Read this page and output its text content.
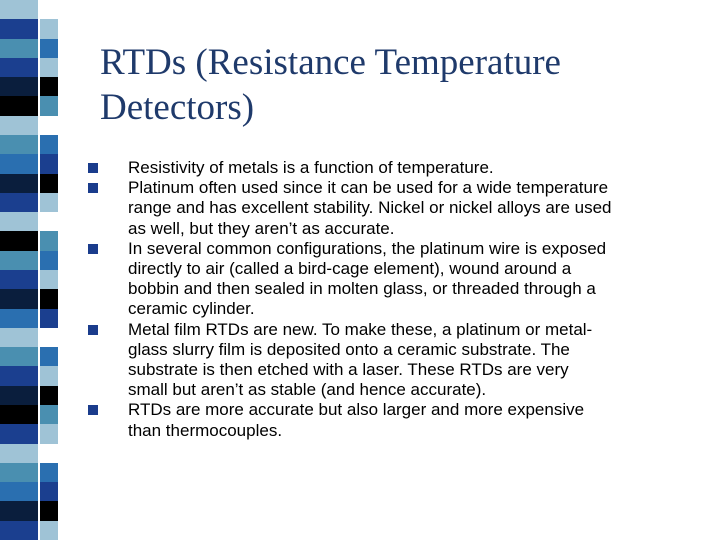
RTDs (Resistance Temperature
Detectors)
Resistivity of metals is a function of temperature.
Platinum often used since it can be used for a wide temperature
range and has excellent stability. Nickel or nickel alloys are used
as well, but they aren’t as accurate.
In several common configurations, the platinum wire is exposed
directly to air (called a bird-cage element), wound around a
bobbin and then sealed in molten glass, or threaded through a
ceramic cylinder.
Metal film RTDs are new. To make these, a platinum or metal-
glass slurry film is deposited onto a ceramic substrate. The
substrate is then etched with a laser. These RTDs are very
small but aren’t as stable (and hence accurate).
RTDs are more accurate but also larger and more expensive
than thermocouples.
